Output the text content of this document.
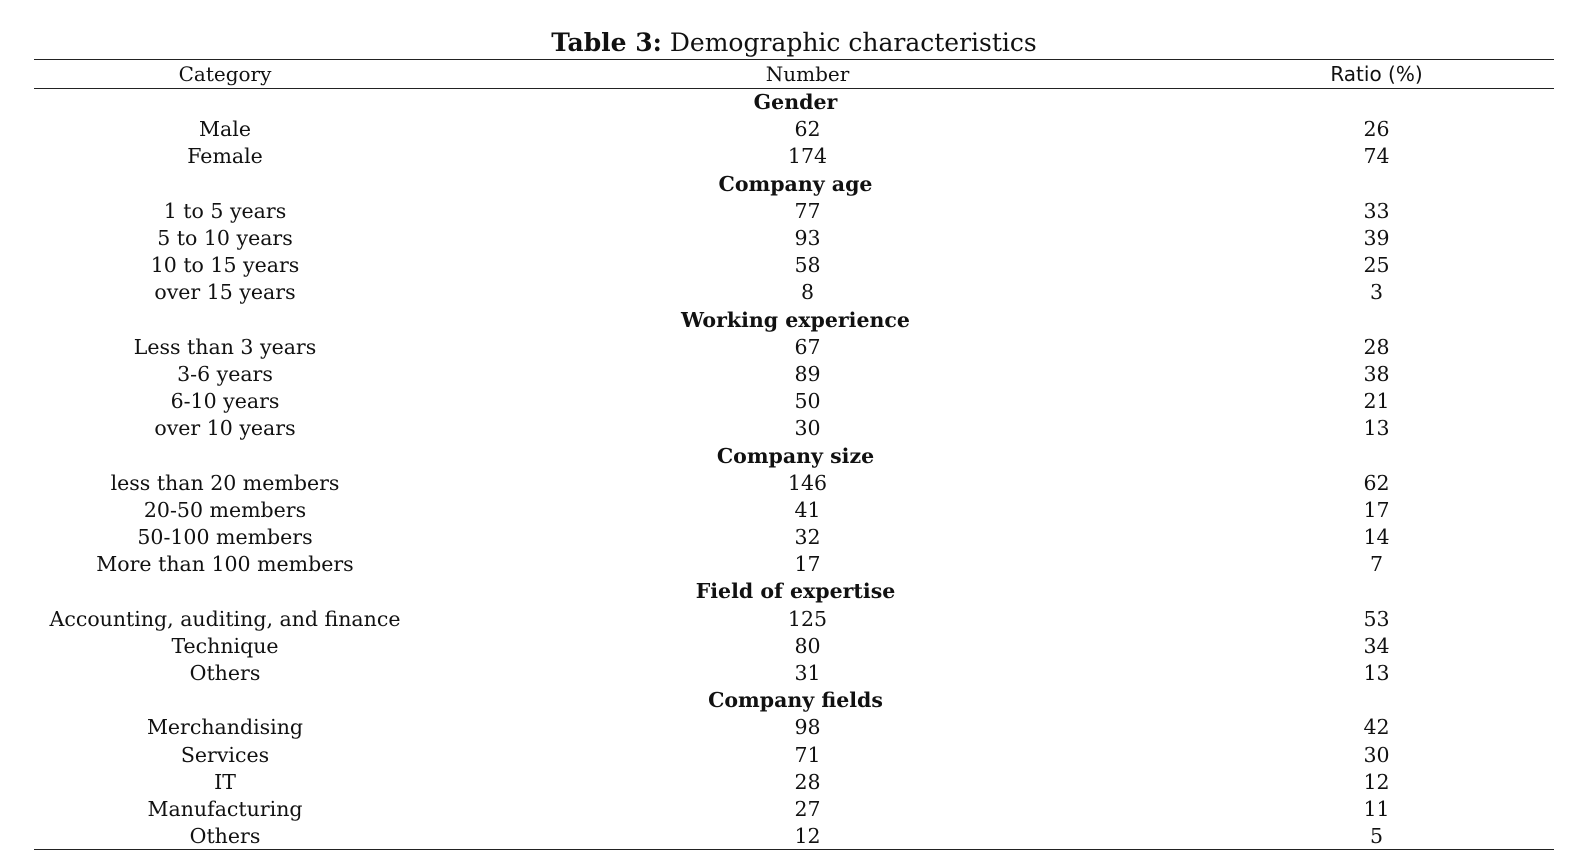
Table 3: Demographic characteristics
Category	Number	Ratio (%)
Gender		
Male	62	26
Female	174	74
Company age		
1 to 5 years	77	33
5 to 10 years	93	39
10 to 15 years	58	25
over 15 years	8	3
Working experience		
Less than 3 years	67	28
3-6 years	89	38
6-10 years	50	21
over 10 years	30	13
Company size		
less than 20 members	146	62
20-50 members	41	17
50-100 members	32	14
More than 100 members	17	7
Field of expertise		
Accounting, auditing, and finance	125	53
Technique	80	34
Others	31	13
Company fields		
Merchandising	98	42
Services	71	30
IT	28	12
Manufacturing	27	11
Others	12	5
